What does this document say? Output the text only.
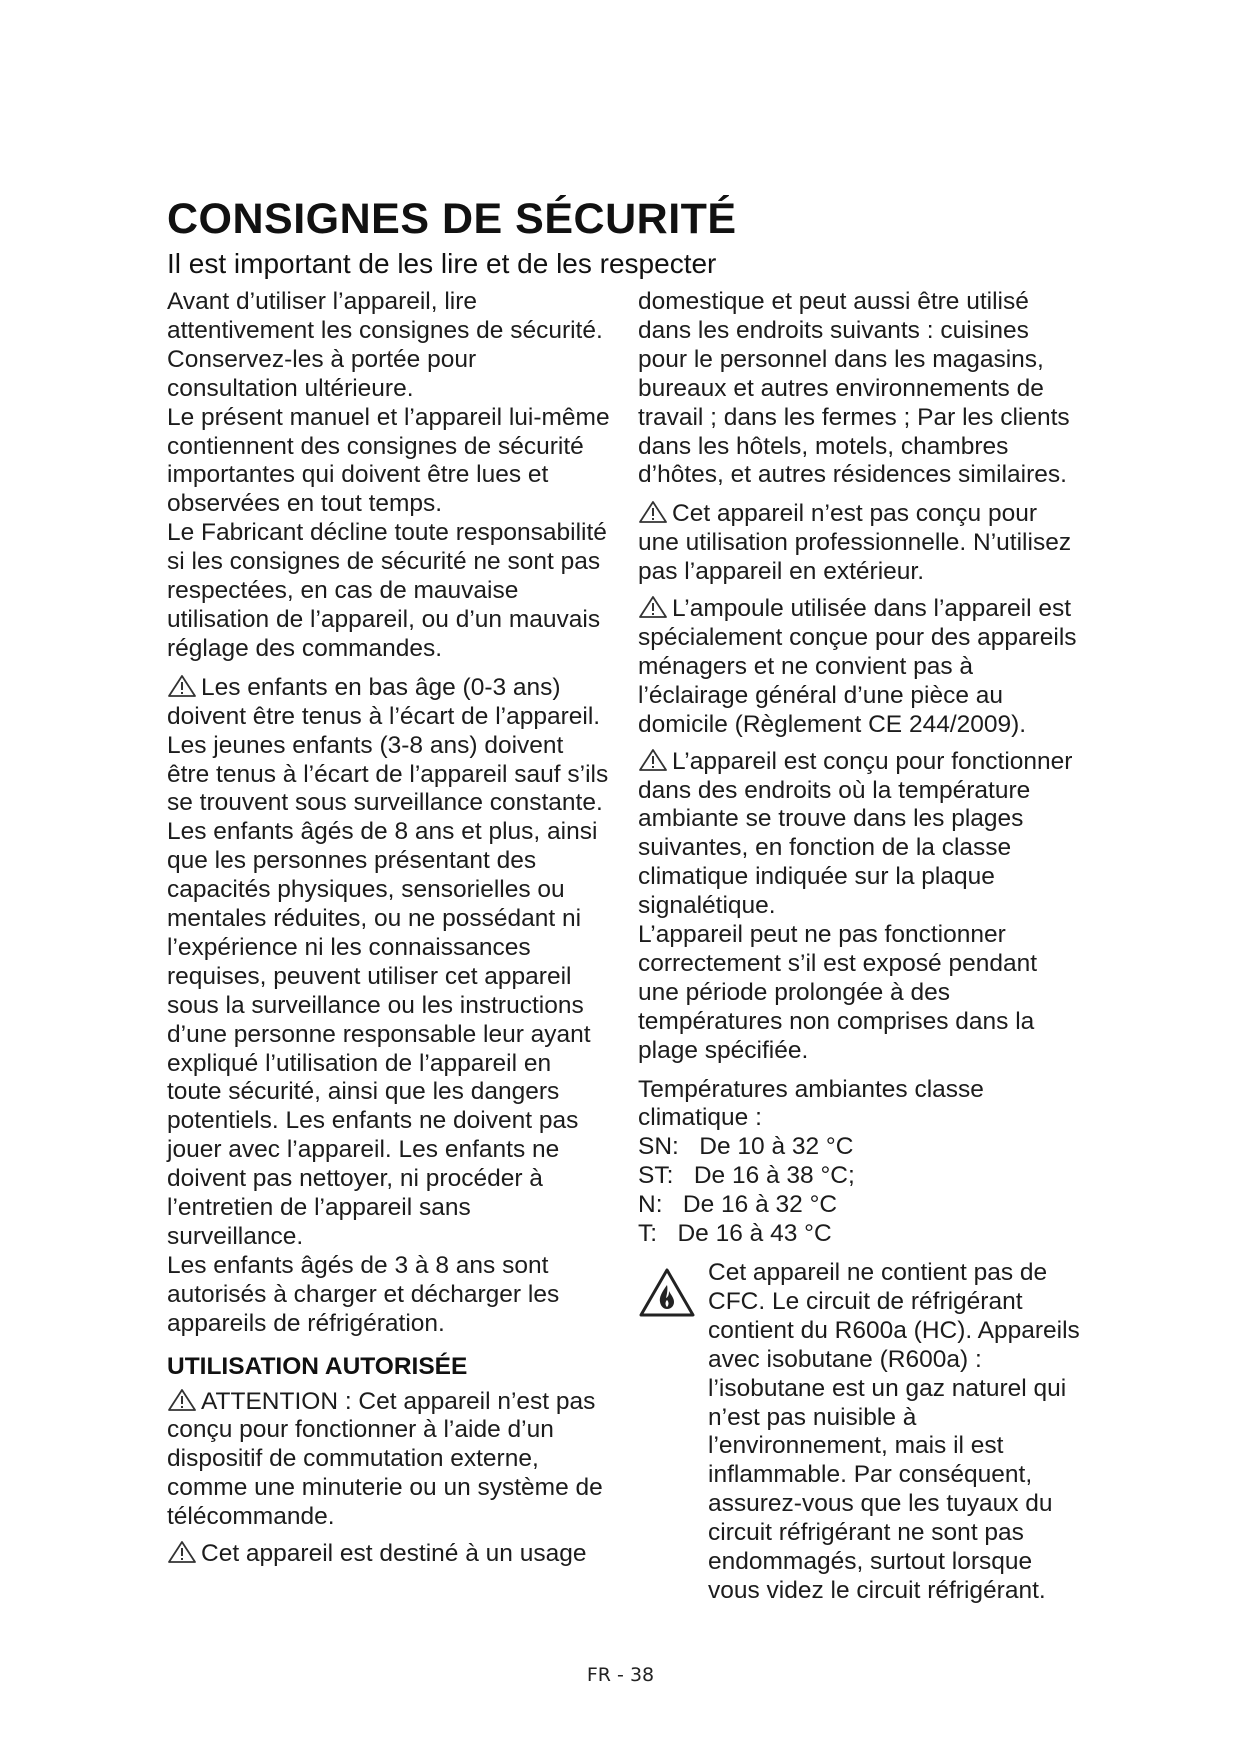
CONSIGNES DE SÉCURITÉ
Il est important de les lire et de les respecter

Avant d’utiliser l’appareil, lire attentivement les consignes de sécurité. Conservez-les à portée pour consultation ultérieure.

Le présent manuel et l’appareil lui-même contiennent des consignes de sécurité importantes qui doivent être lues et observées en tout temps.

Le Fabricant décline toute responsabilité si les consignes de sécurité ne sont pas respectées, en cas de mauvaise utilisation de l’appareil, ou d’un mauvais réglage des commandes.

Les enfants en bas âge (0-3 ans) doivent être tenus à l’écart de l’appareil. Les jeunes enfants (3-8 ans) doivent être tenus à l’écart de l’appareil sauf s’ils se trouvent sous surveillance constante. Les enfants âgés de 8 ans et plus, ainsi que les personnes présentant des capacités physiques, sensorielles ou mentales réduites, ou ne possédant ni l’expérience ni les connaissances requises, peuvent utiliser cet appareil sous la surveillance ou les instructions d’une personne responsable leur ayant expliqué l’utilisation de l’appareil en toute sécurité, ainsi que les dangers potentiels. Les enfants ne doivent pas jouer avec l’appareil. Les enfants ne doivent pas nettoyer, ni procéder à l’entretien de l’appareil sans surveillance.

Les enfants âgés de 3 à 8 ans sont autorisés à charger et décharger les appareils de réfrigération.

UTILISATION AUTORISÉE

ATTENTION : Cet appareil n’est pas conçu pour fonctionner à l’aide d’un dispositif de commutation externe, comme une minuterie ou un système de télécommande.

Cet appareil est destiné à un usage

domestique et peut aussi être utilisé dans les endroits suivants : cuisines pour le personnel dans les magasins, bureaux et autres environnements de travail ; dans les fermes ; Par les clients dans les hôtels, motels, chambres d’hôtes, et autres résidences similaires.

Cet appareil n’est pas conçu pour une utilisation professionnelle. N’utilisez pas l’appareil en extérieur.

L’ampoule utilisée dans l’appareil est spécialement conçue pour des appareils ménagers et ne convient pas à l’éclairage général d’une pièce au domicile (Règlement CE 244/2009).

L’appareil est conçu pour fonctionner dans des endroits où la température ambiante se trouve dans les plages suivantes, en fonction de la classe climatique indiquée sur la plaque signalétique.

L’appareil peut ne pas fonctionner correctement s’il est exposé pendant une période prolongée à des températures non comprises dans la plage spécifiée.

Températures ambiantes classe climatique :

SN:   De 10 à 32 °C
ST:   De 16 à 38 °C;
N:   De 16 à 32 °C
T:   De 16 à 43 °C

Cet appareil ne contient pas de CFC. Le circuit de réfrigérant contient du R600a (HC). Appareils avec isobutane (R600a) : l’isobutane est un gaz naturel qui n’est pas nuisible à l’environnement, mais il est inflammable. Par conséquent, assurez-vous que les tuyaux du circuit réfrigérant ne sont pas endommagés, surtout lorsque vous videz le circuit réfrigérant.

FR - 38
